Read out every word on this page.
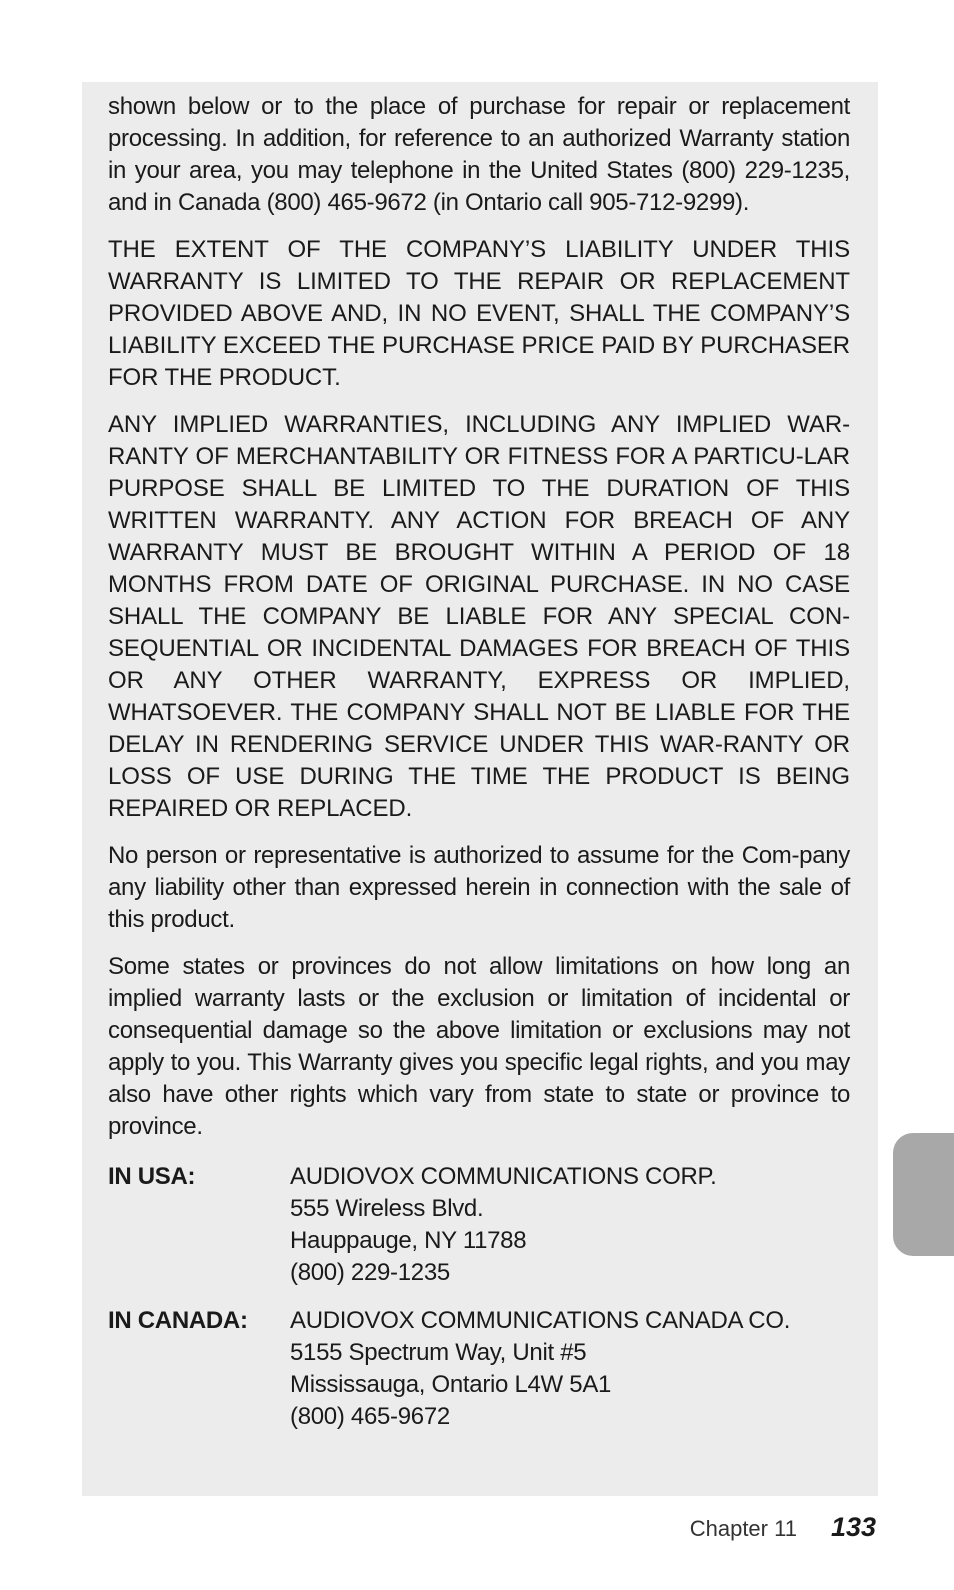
shown below or to the place of purchase for repair or replacement processing. In addition, for reference to an authorized Warranty station in your area, you may telephone in the United States (800) 229-1235, and in Canada (800) 465-9672 (in Ontario call 905-712-9299).

THE EXTENT OF THE COMPANY’S LIABILITY UNDER THIS WARRANTY IS LIMITED TO THE REPAIR OR REPLACEMENT PROVIDED ABOVE AND, IN NO EVENT, SHALL THE COMPANY’S LIABILITY EXCEED THE PURCHASE PRICE PAID BY PURCHASER FOR THE PRODUCT.

ANY IMPLIED WARRANTIES, INCLUDING ANY IMPLIED WAR-RANTY OF MERCHANTABILITY OR FITNESS FOR A PARTICU-LAR PURPOSE SHALL BE LIMITED TO THE DURATION OF THIS WRITTEN WARRANTY. ANY ACTION FOR BREACH OF ANY WARRANTY MUST BE BROUGHT WITHIN A PERIOD OF 18 MONTHS FROM DATE OF ORIGINAL PURCHASE. IN NO CASE SHALL THE COMPANY BE LIABLE FOR ANY SPECIAL CON-SEQUENTIAL OR INCIDENTAL DAMAGES FOR BREACH OF THIS OR ANY OTHER WARRANTY, EXPRESS OR IMPLIED, WHATSOEVER. THE COMPANY SHALL NOT BE LIABLE FOR THE DELAY IN RENDERING SERVICE UNDER THIS WAR-RANTY OR LOSS OF USE DURING THE TIME THE PRODUCT IS BEING REPAIRED OR REPLACED.

No person or representative is authorized to assume for the Com-pany any liability other than expressed herein in connection with the sale of this product.

Some states or provinces do not allow limitations on how long an implied warranty lasts or the exclusion or limitation of incidental or consequential damage so the above limitation or exclusions may not apply to you. This Warranty gives you specific legal rights, and you may also have other rights which vary from state to state or province to province.

IN USA:	AUDIOVOX COMMUNICATIONS CORP.
555 Wireless Blvd.
Hauppauge, NY 11788
(800) 229-1235
IN CANADA:	AUDIOVOX COMMUNICATIONS CANADA CO.
5155 Spectrum Way, Unit #5
Mississauga, Ontario L4W 5A1
(800) 465-9672
Chapter 11 133
